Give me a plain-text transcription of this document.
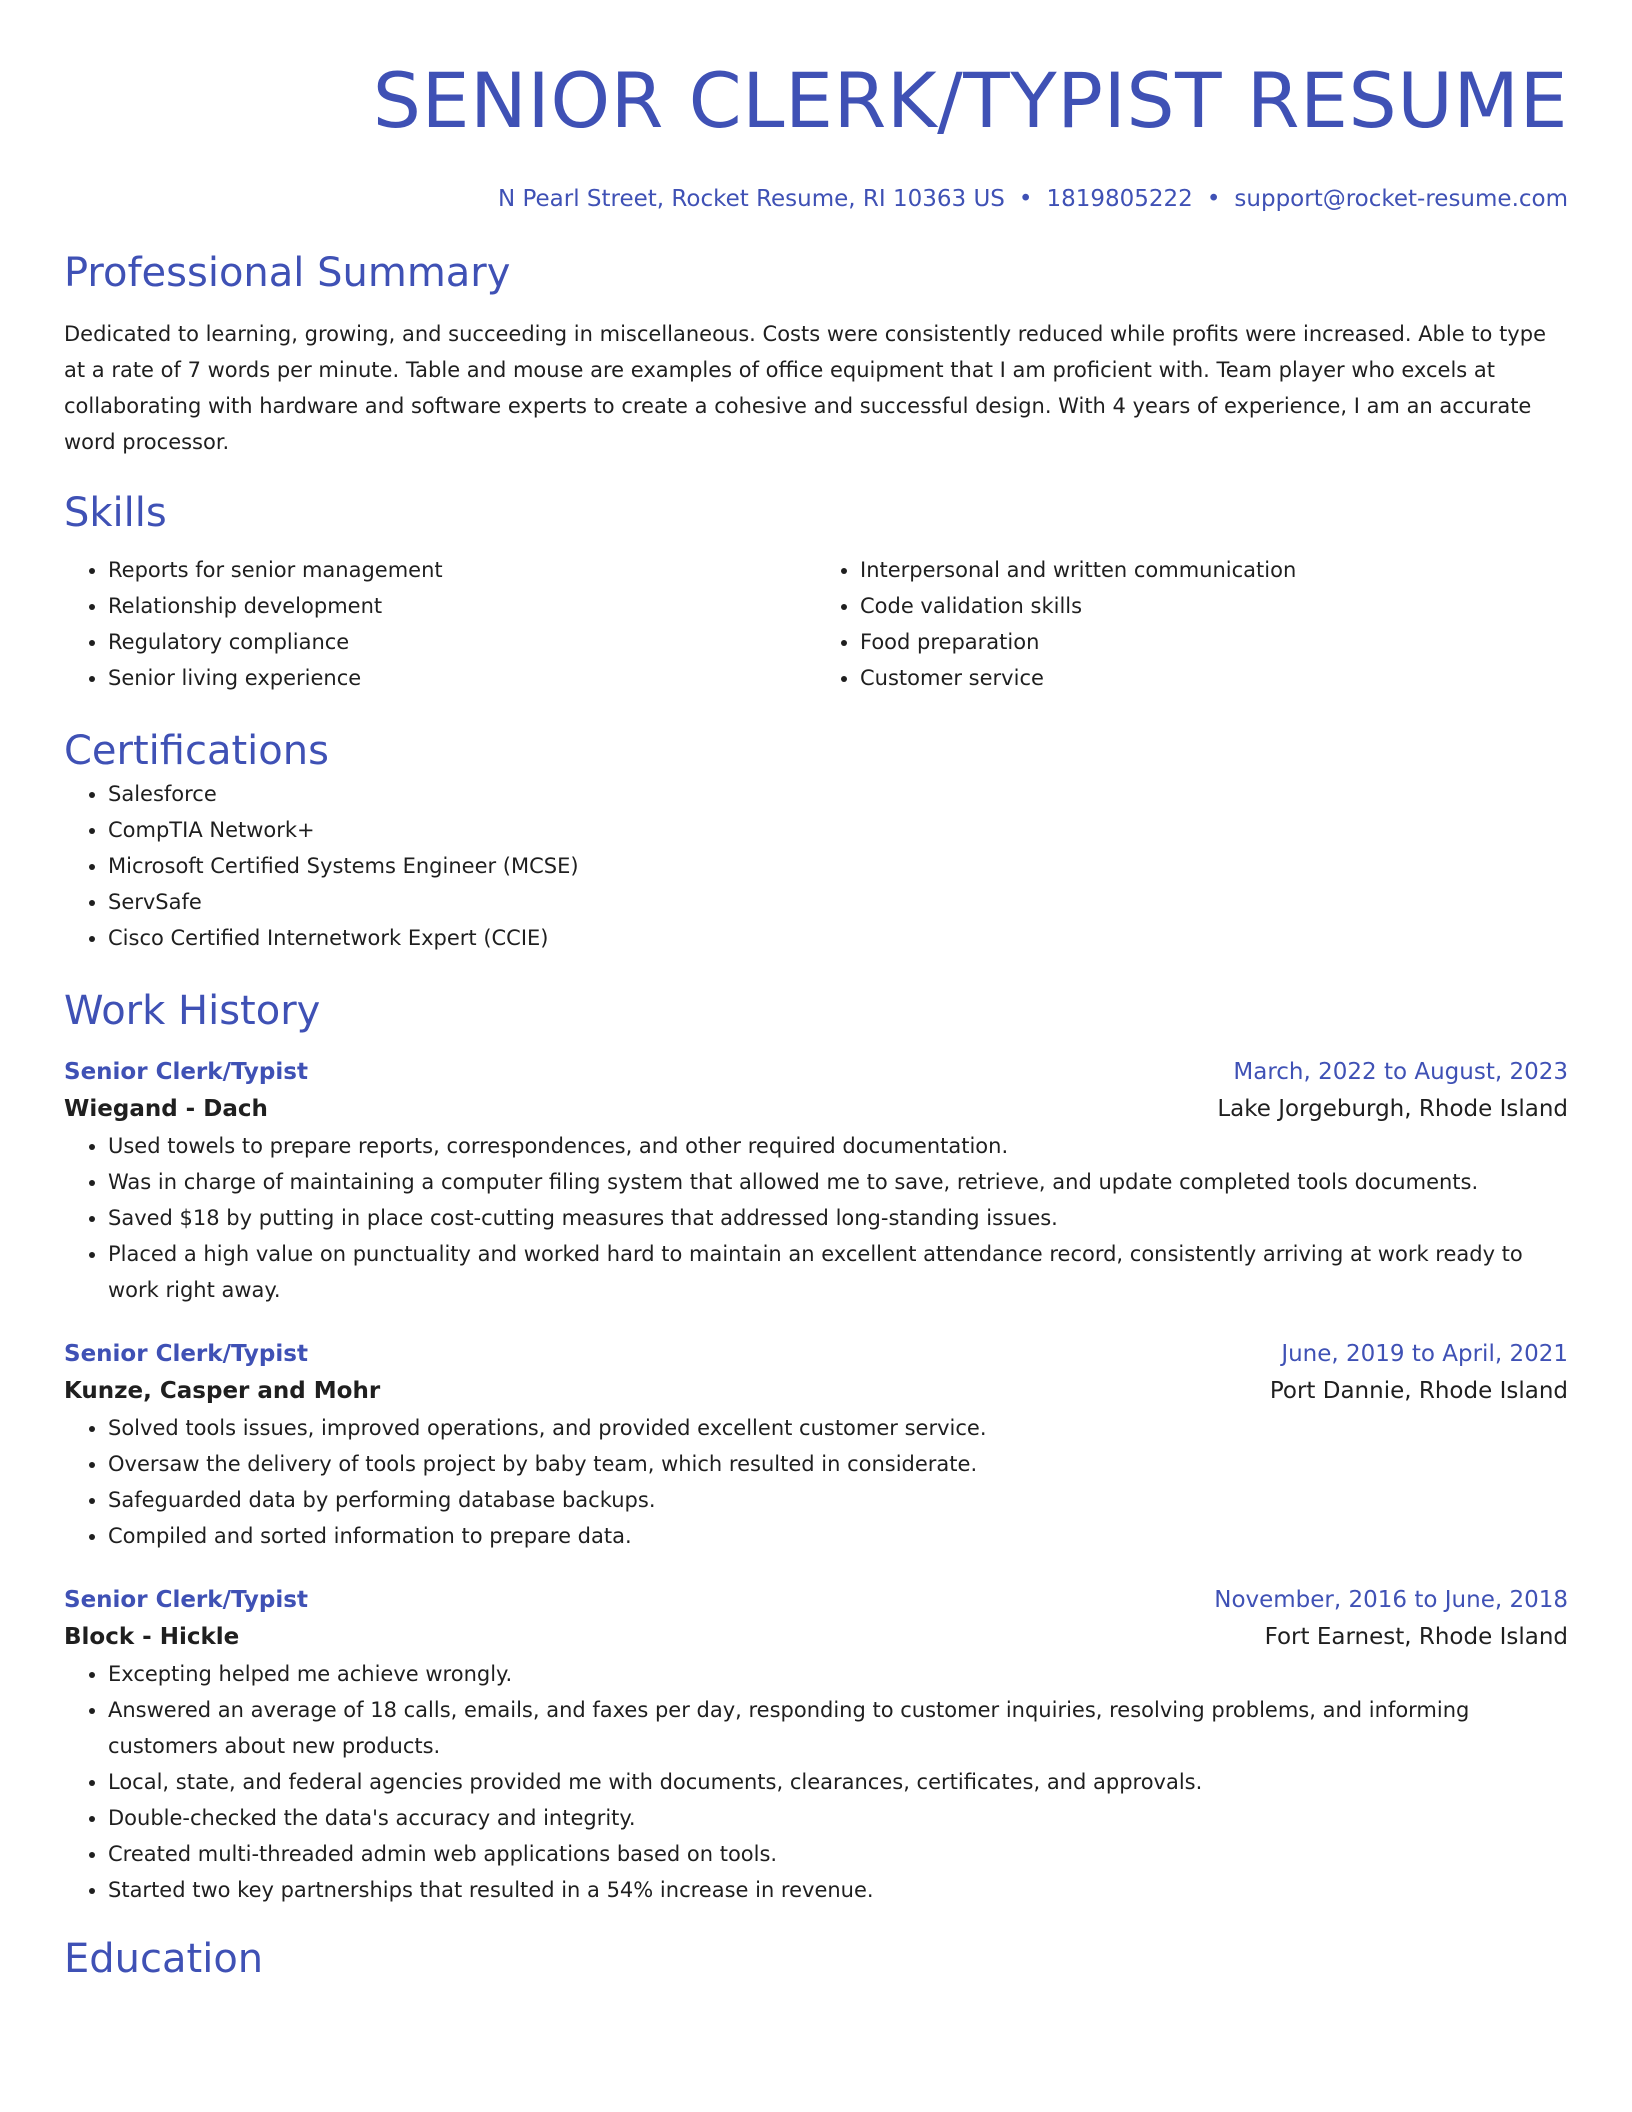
SENIOR CLERK/TYPIST RESUME
N Pearl Street, Rocket Resume, RI 10363 US • 1819805222 • support@rocket-resume.com
Professional Summary

Dedicated to learning, growing, and succeeding in miscellaneous. Costs were consistently reduced while profits were increased. Able to type at a rate of 7 words per minute. Table and mouse are examples of office equipment that I am proficient with. Team player who excels at collaborating with hardware and software experts to create a cohesive and successful design. With 4 years of experience, I am an accurate word processor.

Skills
• Reports for senior management
• Relationship development
• Regulatory compliance
• Senior living experience
• Interpersonal and written communication
• Code validation skills
• Food preparation
• Customer service
Certifications
• Salesforce
• CompTIA Network+
• Microsoft Certified Systems Engineer (MCSE)
• ServSafe
• Cisco Certified Internetwork Expert (CCIE)
Work History
Senior Clerk/Typist	March, 2022 to August, 2023
Wiegand - Dach	Lake Jorgeburgh, Rhode Island
• Used towels to prepare reports, correspondences, and other required documentation.
• Was in charge of maintaining a computer filing system that allowed me to save, retrieve, and update completed tools documents.
• Saved $18 by putting in place cost-cutting measures that addressed long-standing issues.
• Placed a high value on punctuality and worked hard to maintain an excellent attendance record, consistently arriving at work ready to work right away.
Senior Clerk/Typist	June, 2019 to April, 2021
Kunze, Casper and Mohr	Port Dannie, Rhode Island
• Solved tools issues, improved operations, and provided excellent customer service.
• Oversaw the delivery of tools project by baby team, which resulted in considerate.
• Safeguarded data by performing database backups.
• Compiled and sorted information to prepare data.
Senior Clerk/Typist	November, 2016 to June, 2018
Block - Hickle	Fort Earnest, Rhode Island
• Excepting helped me achieve wrongly.
• Answered an average of 18 calls, emails, and faxes per day, responding to customer inquiries, resolving problems, and informing customers about new products.
• Local, state, and federal agencies provided me with documents, clearances, certificates, and approvals.
• Double-checked the data's accuracy and integrity.
• Created multi-threaded admin web applications based on tools.
• Started two key partnerships that resulted in a 54% increase in revenue.
Education
